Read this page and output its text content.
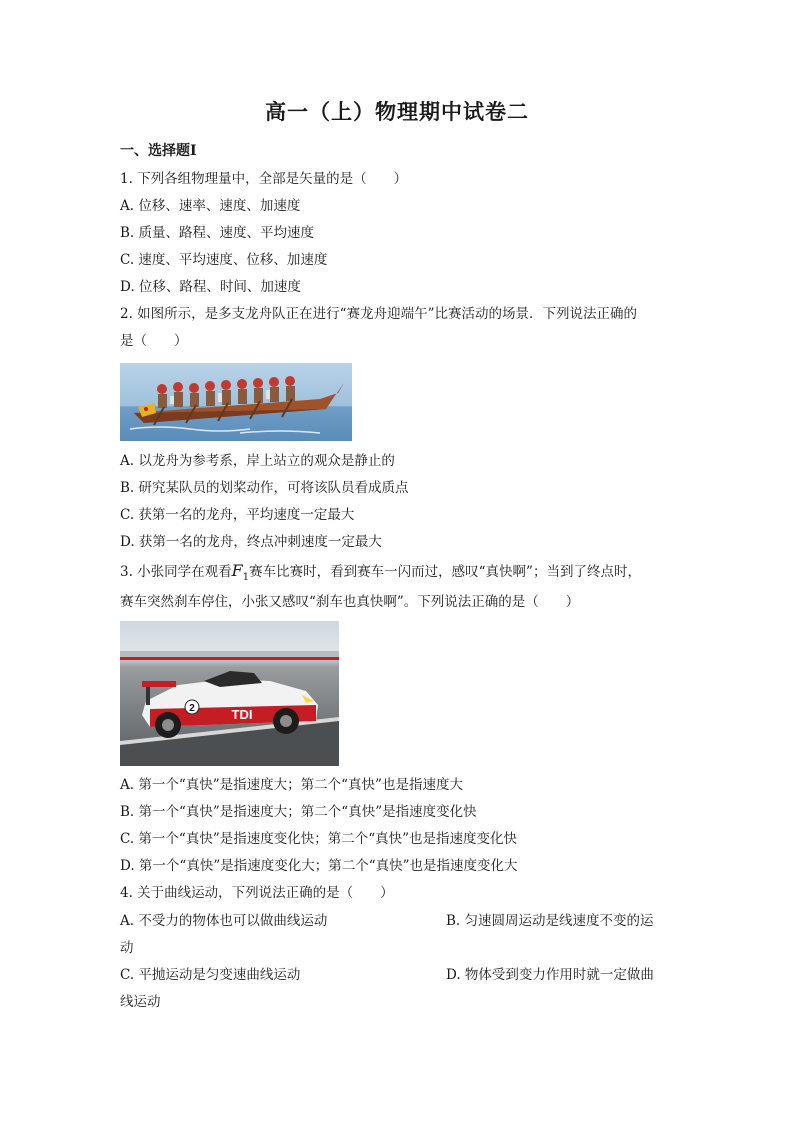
高一（上）物理期中试卷二
一、选择题Ⅰ
1. 下列各组物理量中，全部是矢量的是（　　）
A. 位移、速率、速度、加速度
B. 质量、路程、速度、平均速度
C. 速度、平均速度、位移、加速度
D. 位移、路程、时间、加速度
2. 如图所示，是多支龙舟队正在进行“赛龙舟迎端午”比赛活动的场景．下列说法正确的
是（　　）
A. 以龙舟为参考系，岸上站立的观众是静止的
B. 研究某队员的划桨动作，可将该队员看成质点
C. 获第一名的龙舟，平均速度一定最大
D. 获第一名的龙舟，终点冲刺速度一定最大
3. 小张同学在观看$F_1$赛车比赛时，看到赛车一闪而过，感叹“真快啊”；当到了终点时，
赛车突然刹车停住，小张又感叹“刹车也真快啊”。下列说法正确的是（　　）
2	TDI
A. 第一个“真快”是指速度大；第二个“真快”也是指速度大
B. 第一个“真快”是指速度大；第二个“真快”是指速度变化快
C. 第一个“真快”是指速度变化快；第二个“真快”也是指速度变化快
D. 第一个“真快”是指速度变化大；第二个“真快”也是指速度变化大
4. 关于曲线运动，下列说法正确的是（　　）
A. 不受力的物体也可以做曲线运动	B. 匀速圆周运动是线速度不变的运
动
C. 平抛运动是匀变速曲线运动	D. 物体受到变力作用时就一定做曲
线运动
